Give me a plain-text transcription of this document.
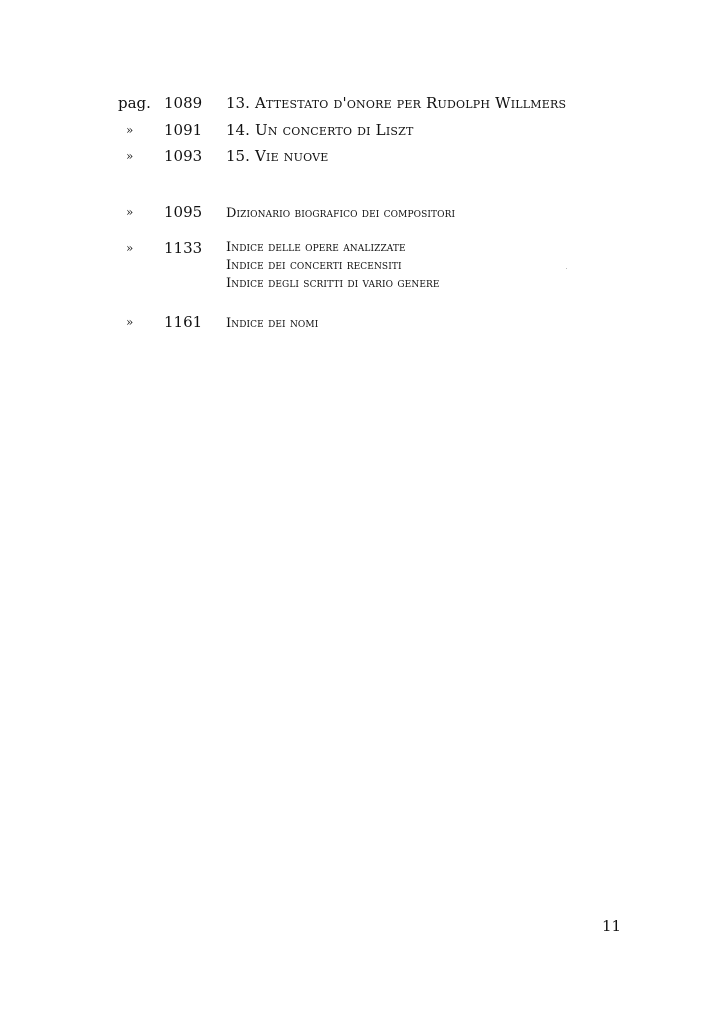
pag. 1089 13. Attestato d'onore per Rudolph Willmers
»	1091 14. Un concerto di Liszt
»	1093 15. Vie nuove
»	1095 Dizionario biografico dei compositori
»	1133 Indice delle opere analizzate
Indice dei concerti recensiti
Indice degli scritti di vario genere
»	1161 Indice dei nomi
11
